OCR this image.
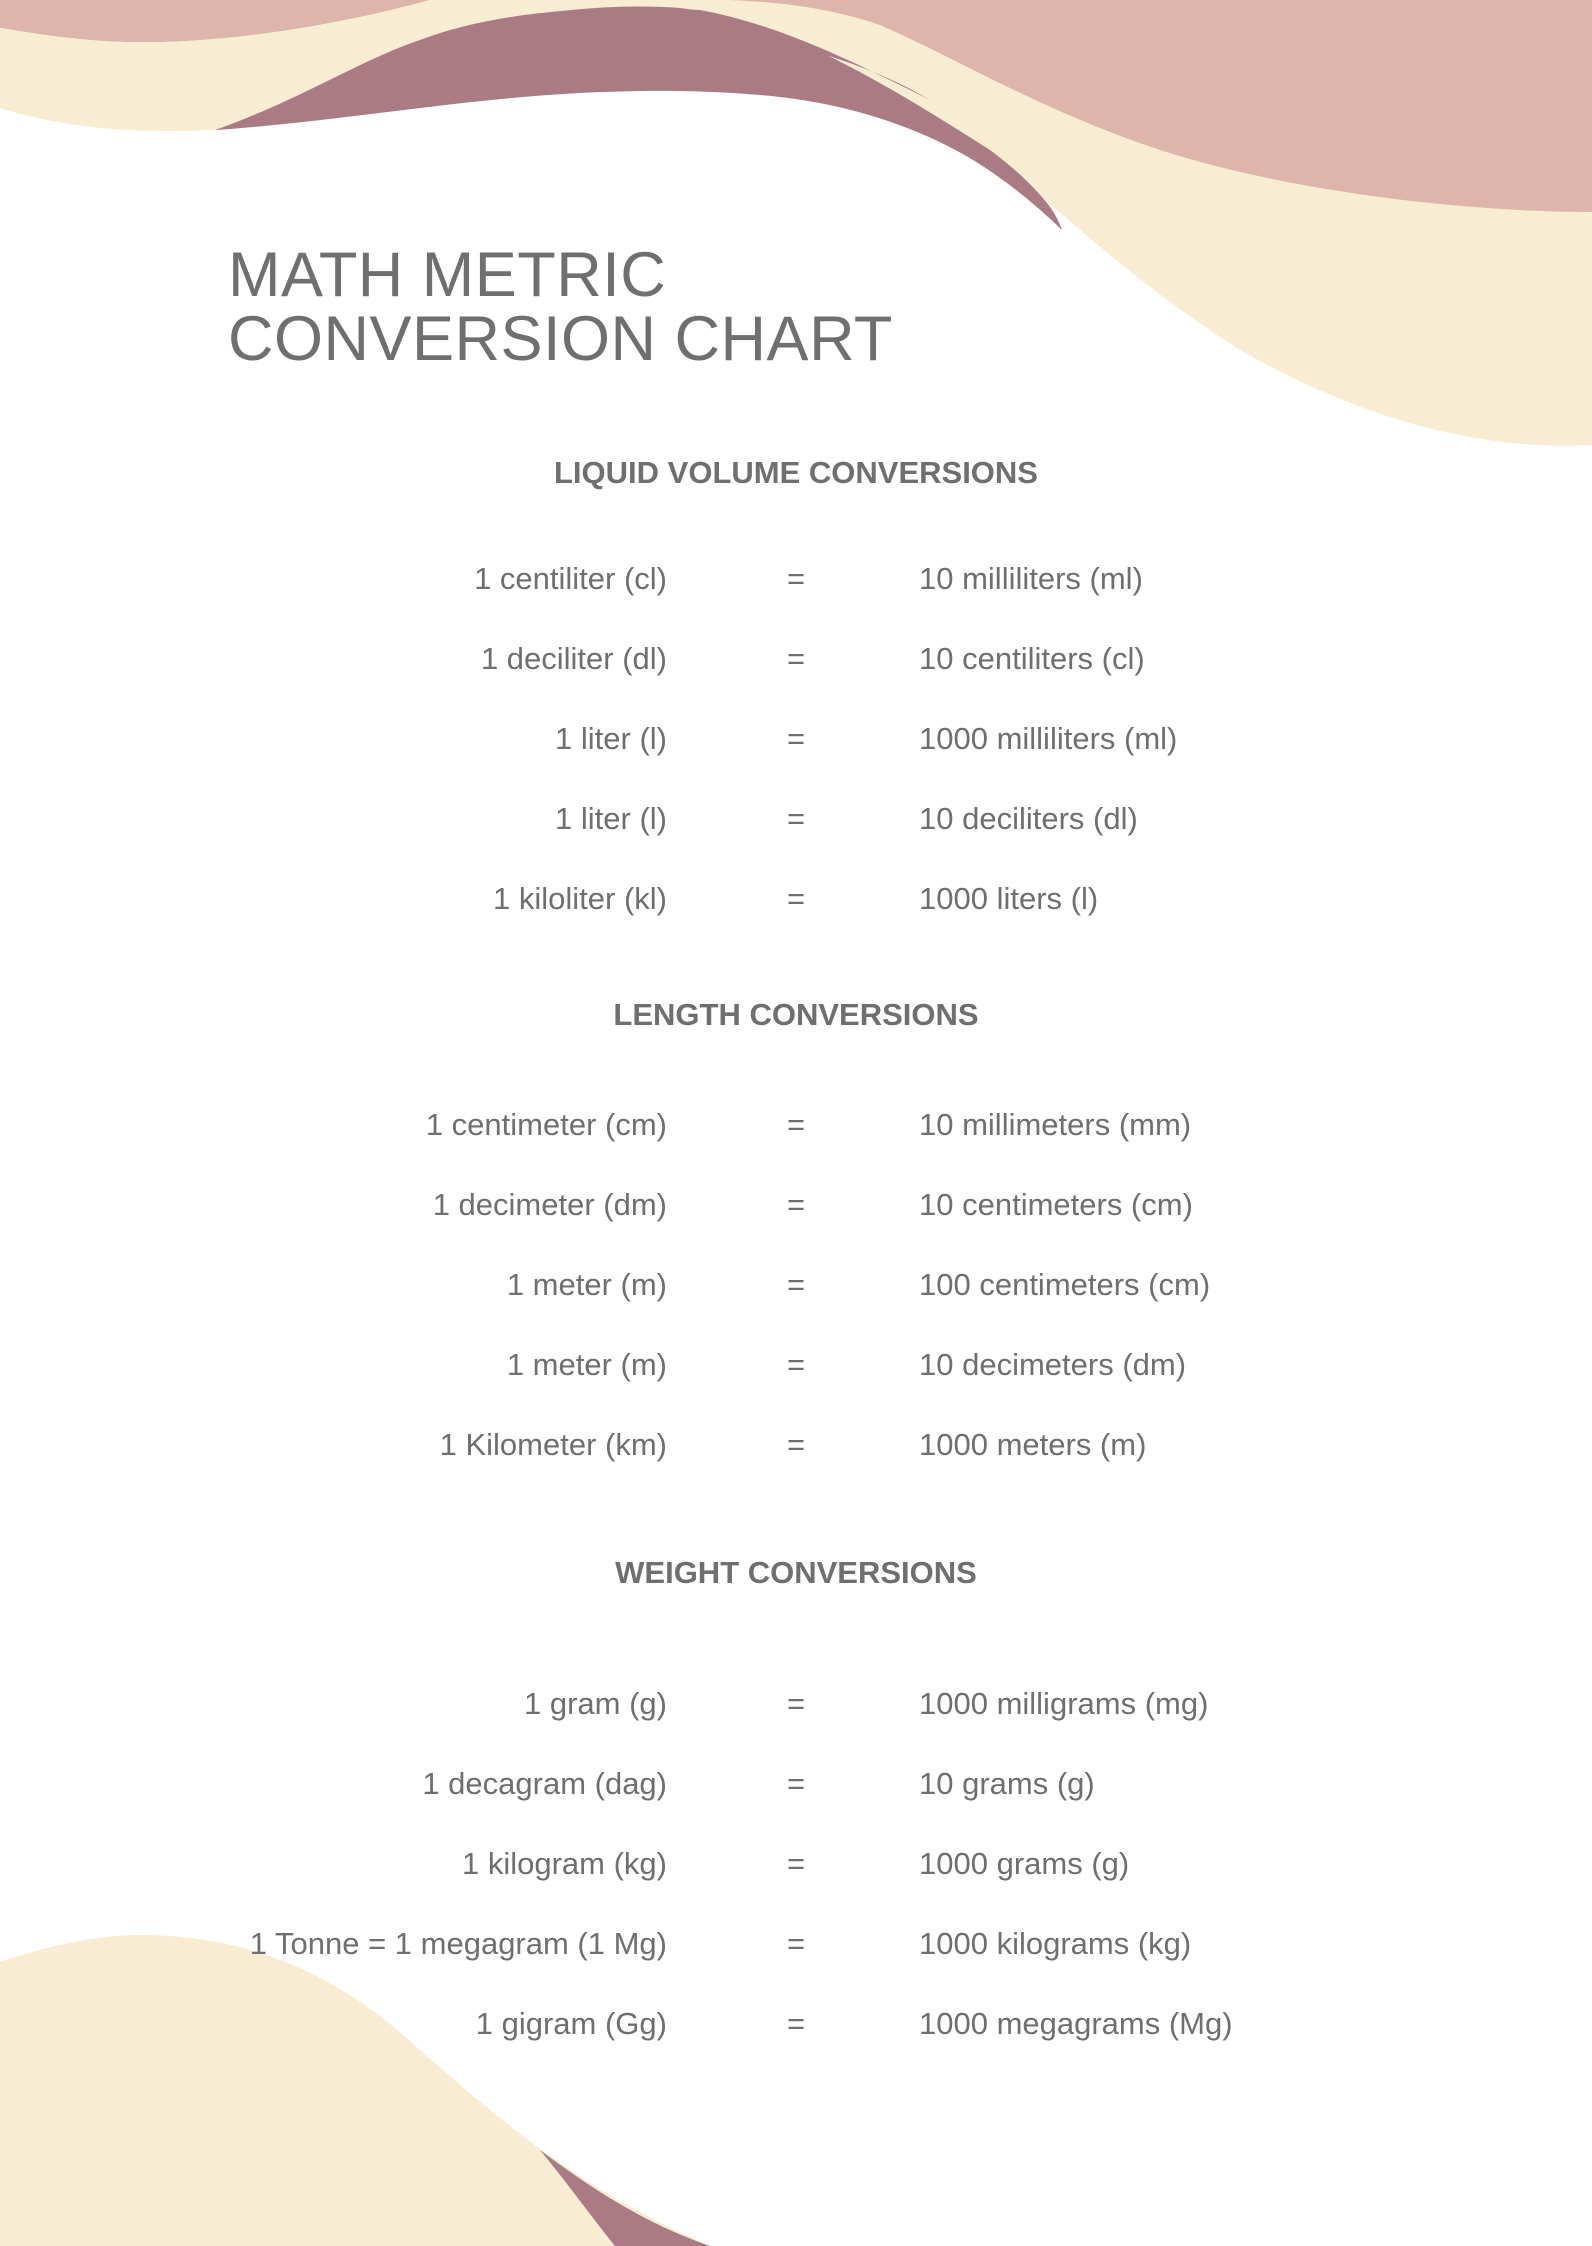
MATH METRIC
CONVERSION CHART
LIQUID VOLUME CONVERSIONS
1 centiliter (cl)	=	10 milliliters (ml)
1 deciliter (dl)	=	10 centiliters (cl)
1 liter (l)	=	1000 milliliters (ml)
1 liter (l)	=	10 deciliters (dl)
1 kiloliter (kl)	=	1000 liters (l)
LENGTH CONVERSIONS
1 centimeter (cm)	=	10 millimeters (mm)
1 decimeter (dm)	=	10 centimeters (cm)
1 meter (m)	=	100 centimeters (cm)
1 meter (m)	=	10 decimeters (dm)
1 Kilometer (km)	=	1000 meters (m)
WEIGHT CONVERSIONS
1 gram (g)	=	1000 milligrams (mg)
1 decagram (dag)	=	10 grams (g)
1 kilogram (kg)	=	1000 grams (g)
1 Tonne = 1 megagram (1 Mg)	=	1000 kilograms (kg)
1 gigram (Gg)	=	1000 megagrams (Mg)
